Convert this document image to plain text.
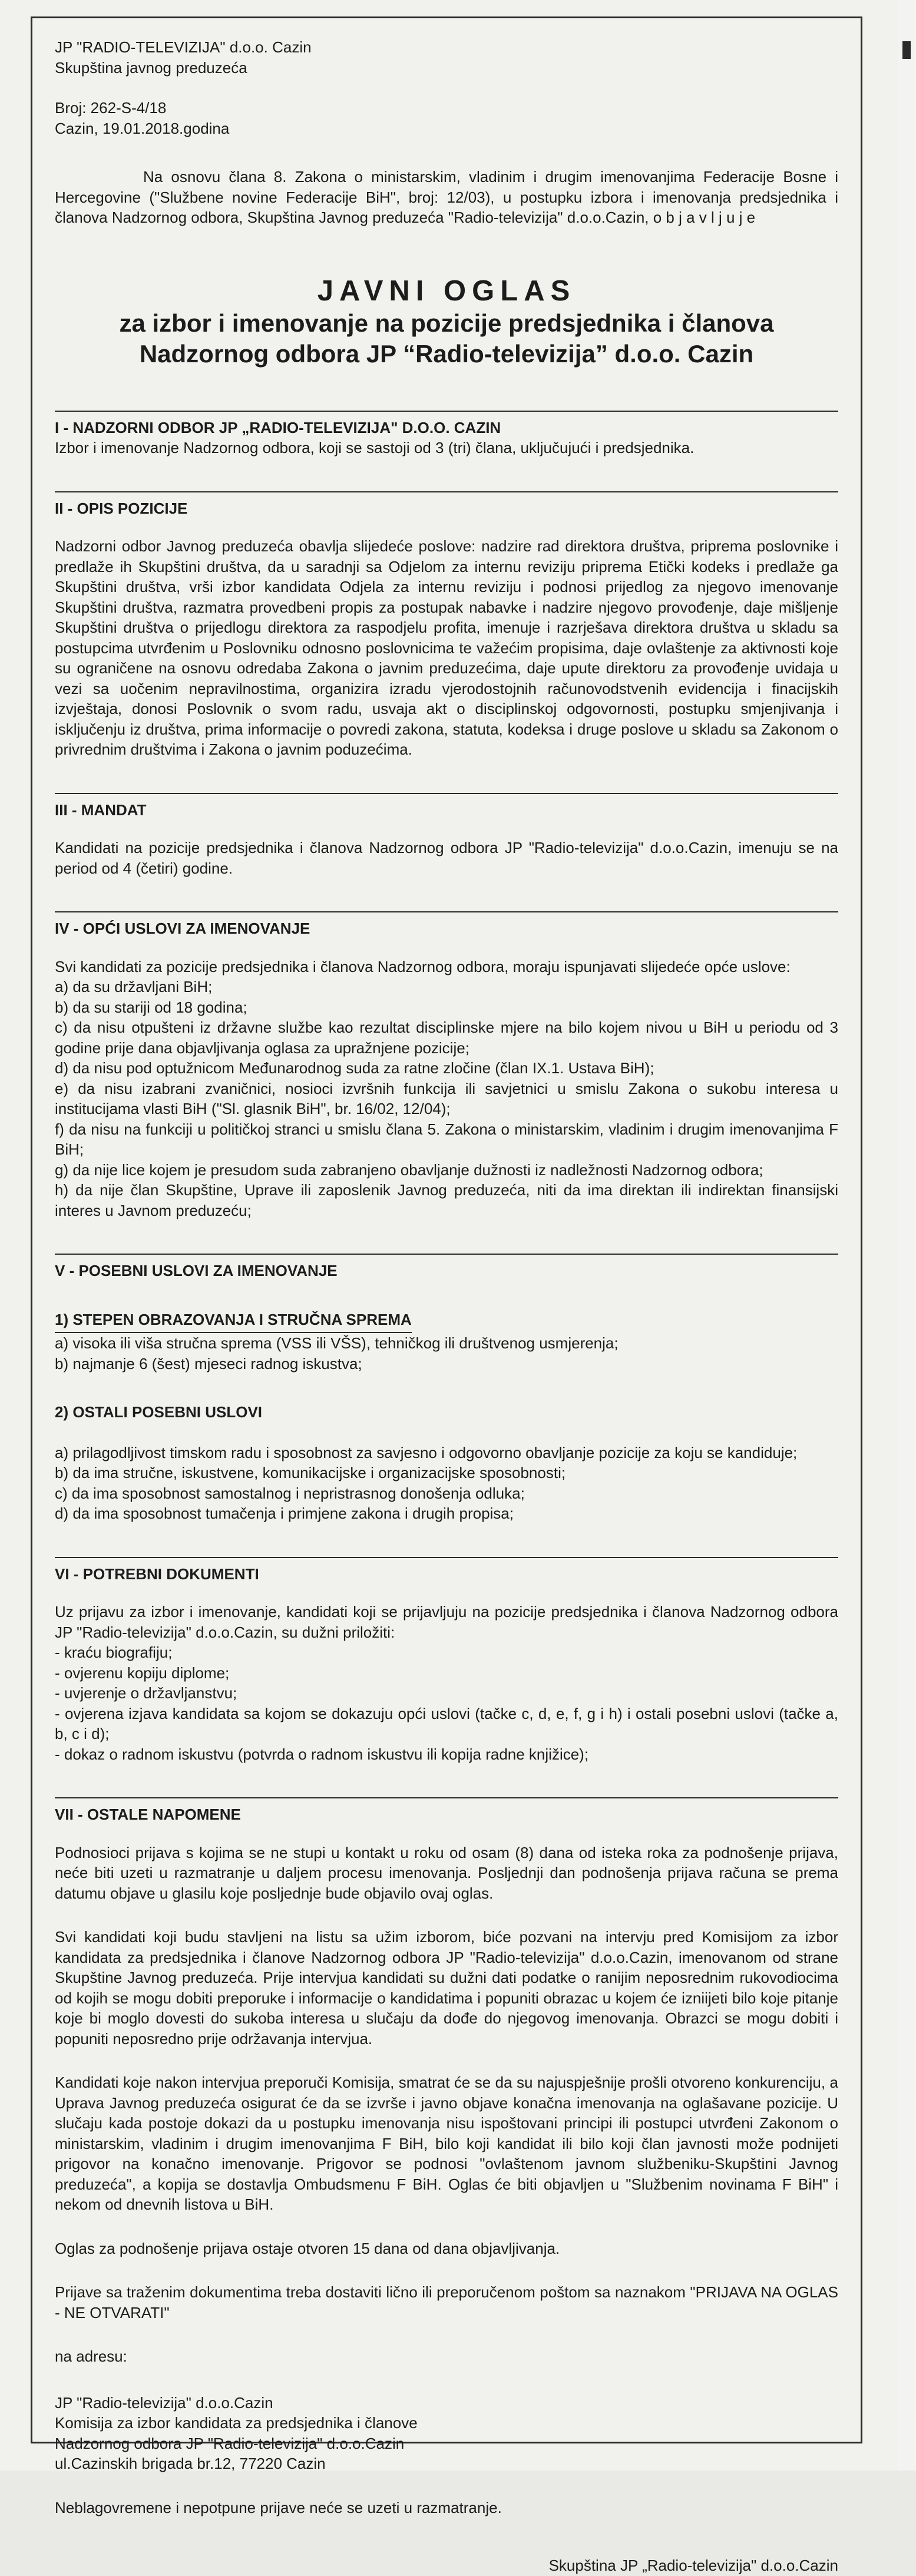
JP "RADIO-TELEVIZIJA" d.o.o. Cazin
Skupština javnog preduzeća
Broj: 262-S-4/18
Cazin, 19.01.2018.godina

Na osnovu člana 8. Zakona o ministarskim, vladinim i drugim imenovanjima Federacije Bosne i Hercegovine ("Službene novine Federacije BiH", broj: 12/03), u postupku izbora i imenovanja predsjednika i članova Nadzornog odbora, Skupština Javnog preduzeća "Radio-televizija" d.o.o.Cazin, o b j a v l j u j e

JAVNI OGLAS
za izbor i imenovanje na pozicije predsjednika i članova
Nadzornog odbora JP “Radio-televizija” d.o.o. Cazin
I - NADZORNI ODBOR JP „RADIO-TELEVIZIJA" D.O.O. CAZIN

Izbor i imenovanje Nadzornog odbora, koji se sastoji od 3 (tri) člana, uključujući i predsjednika.

II - OPIS POZICIJE

Nadzorni odbor Javnog preduzeća obavlja slijedeće poslove: nadzire rad direktora društva, priprema poslovnike i predlaže ih Skupštini društva, da u saradnji sa Odjelom za internu reviziju priprema Etički kodeks i predlaže ga Skupštini društva, vrši izbor kandidata Odjela za internu reviziju i podnosi prijedlog za njegovo imenovanje Skupštini društva, razmatra provedbeni propis za postupak nabavke i nadzire njegovo provođenje, daje mišljenje Skupštini društva o prijedlogu direktora za raspodjelu profita, imenuje i razrješava direktora društva u skladu sa postupcima utvrđenim u Poslovniku odnosno poslovnicima te važećim propisima, daje ovlaštenje za aktivnosti koje su ograničene na osnovu odredaba Zakona o javnim preduzećima, daje upute direktoru za provođenje uvidaja u vezi sa uočenim nepravilnostima, organizira izradu vjerodostojnih računovodstvenih evidencija i finacijskih izvještaja, donosi Poslovnik o svom radu, usvaja akt o disciplinskoj odgovornosti, postupku smjenjivanja i isključenju iz društva, prima informacije o povredi zakona, statuta, kodeksa i druge poslove u skladu sa Zakonom o privrednim društvima i Zakona o javnim poduzećima.

III - MANDAT

Kandidati na pozicije predsjednika i članova Nadzornog odbora JP "Radio-televizija" d.o.o.Cazin, imenuju se na period od 4 (četiri) godine.

IV - OPĆI USLOVI ZA IMENOVANJE

Svi kandidati za pozicije predsjednika i članova Nadzornog odbora, moraju ispunjavati slijedeće opće uslove:

a) da su državljani BiH;
b) da su stariji od 18 godina;
c) da nisu otpušteni iz državne službe kao rezultat disciplinske mjere na bilo kojem nivou u BiH u periodu od 3 godine prije dana objavljivanja oglasa za upražnjene pozicije;
d) da nisu pod optužnicom Međunarodnog suda za ratne zločine (član IX.1. Ustava BiH);
e) da nisu izabrani zvaničnici, nosioci izvršnih funkcija ili savjetnici u smislu Zakona o sukobu interesa u institucijama vlasti BiH ("Sl. glasnik BiH", br. 16/02, 12/04);
f) da nisu na funkciji u političkoj stranci u smislu člana 5. Zakona o ministarskim, vladinim i drugim imenovanjima F BiH;
g) da nije lice kojem je presudom suda zabranjeno obavljanje dužnosti iz nadležnosti Nadzornog odbora;
h) da nije član Skupštine, Uprave ili zaposlenik Javnog preduzeća, niti da ima direktan ili indirektan finansijski interes u Javnom preduzeću;
V - POSEBNI USLOVI ZA IMENOVANJE
1) STEPEN OBRAZOVANJA I STRUČNA SPREMA
a) visoka ili viša stručna sprema (VSS ili VŠS), tehničkog ili društvenog usmjerenja;
b) najmanje 6 (šest) mjeseci radnog iskustva;
2) OSTALI POSEBNI USLOVI
a) prilagodljivost timskom radu i sposobnost za savjesno i odgovorno obavljanje pozicije za koju se kandiduje;
b) da ima stručne, iskustvene, komunikacijske i organizacijske sposobnosti;
c) da ima sposobnost samostalnog i nepristrasnog donošenja odluka;
d) da ima sposobnost tumačenja i primjene zakona i drugih propisa;
VI - POTREBNI DOKUMENTI

Uz prijavu za izbor i imenovanje, kandidati koji se prijavljuju na pozicije predsjednika i članova Nadzornog odbora JP "Radio-televizija" d.o.o.Cazin, su dužni priložiti:

- kraću biografiju;
- ovjerenu kopiju diplome;
- uvjerenje o državljanstvu;
- ovjerena izjava kandidata sa kojom se dokazuju opći uslovi (tačke c, d, e, f, g i h) i ostali posebni uslovi (tačke a, b, c i d);
- dokaz o radnom iskustvu (potvrda o radnom iskustvu ili kopija radne knjižice);
VII - OSTALE NAPOMENE

Podnosioci prijava s kojima se ne stupi u kontakt u roku od osam (8) dana od isteka roka za podnošenje prijava, neće biti uzeti u razmatranje u daljem procesu imenovanja. Posljednji dan podnošenja prijava računa se prema datumu objave u glasilu koje posljednje bude objavilo ovaj oglas.

Svi kandidati koji budu stavljeni na listu sa užim izborom, biće pozvani na intervju pred Komisijom za izbor kandidata za predsjednika i članove Nadzornog odbora JP "Radio-televizija" d.o.o.Cazin, imenovanom od strane Skupštine Javnog preduzeća. Prije intervjua kandidati su dužni dati podatke o ranijim neposrednim rukovodiocima od kojih se mogu dobiti preporuke i informacije o kandidatima i popuniti obrazac u kojem će izniijeti bilo koje pitanje koje bi moglo dovesti do sukoba interesa u slučaju da dođe do njegovog imenovanja. Obrazci se mogu dobiti i popuniti neposredno prije održavanja intervjua.

Kandidati koje nakon intervjua preporuči Komisija, smatrat će se da su najuspješnije prošli otvoreno konkurenciju, a Uprava Javnog preduzeća osigurat će da se izvrše i javno objave konačna imenovanja na oglašavane pozicije. U slučaju kada postoje dokazi da u postupku imenovanja nisu ispoštovani principi ili postupci utvrđeni Zakonom o ministarskim, vladinim i drugim imenovanjima F BiH, bilo koji kandidat ili bilo koji član javnosti može podnijeti prigovor na konačno imenovanje. Prigovor se podnosi "ovlaštenom javnom službeniku-Skupštini Javnog preduzeća", a kopija se dostavlja Ombudsmenu F BiH. Oglas će biti objavljen u "Službenim novinama F BiH" i nekom od dnevnih listova u BiH.

Oglas za podnošenje prijava ostaje otvoren 15 dana od dana objavljivanja.

Prijave sa traženim dokumentima treba dostaviti lično ili preporučenom poštom sa naznakom "PRIJAVA NA OGLAS - NE OTVARATI"

na adresu:

JP "Radio-televizija" d.o.o.Cazin
Komisija za izbor kandidata za predsjednika i članove
Nadzornog odbora JP "Radio-televizija" d.o.o.Cazin
ul.Cazinskih brigada br.12, 77220 Cazin

Neblagovremene i nepotpune prijave neće se uzeti u razmatranje.

Skupština JP „Radio-televizija" d.o.o.Cazin
